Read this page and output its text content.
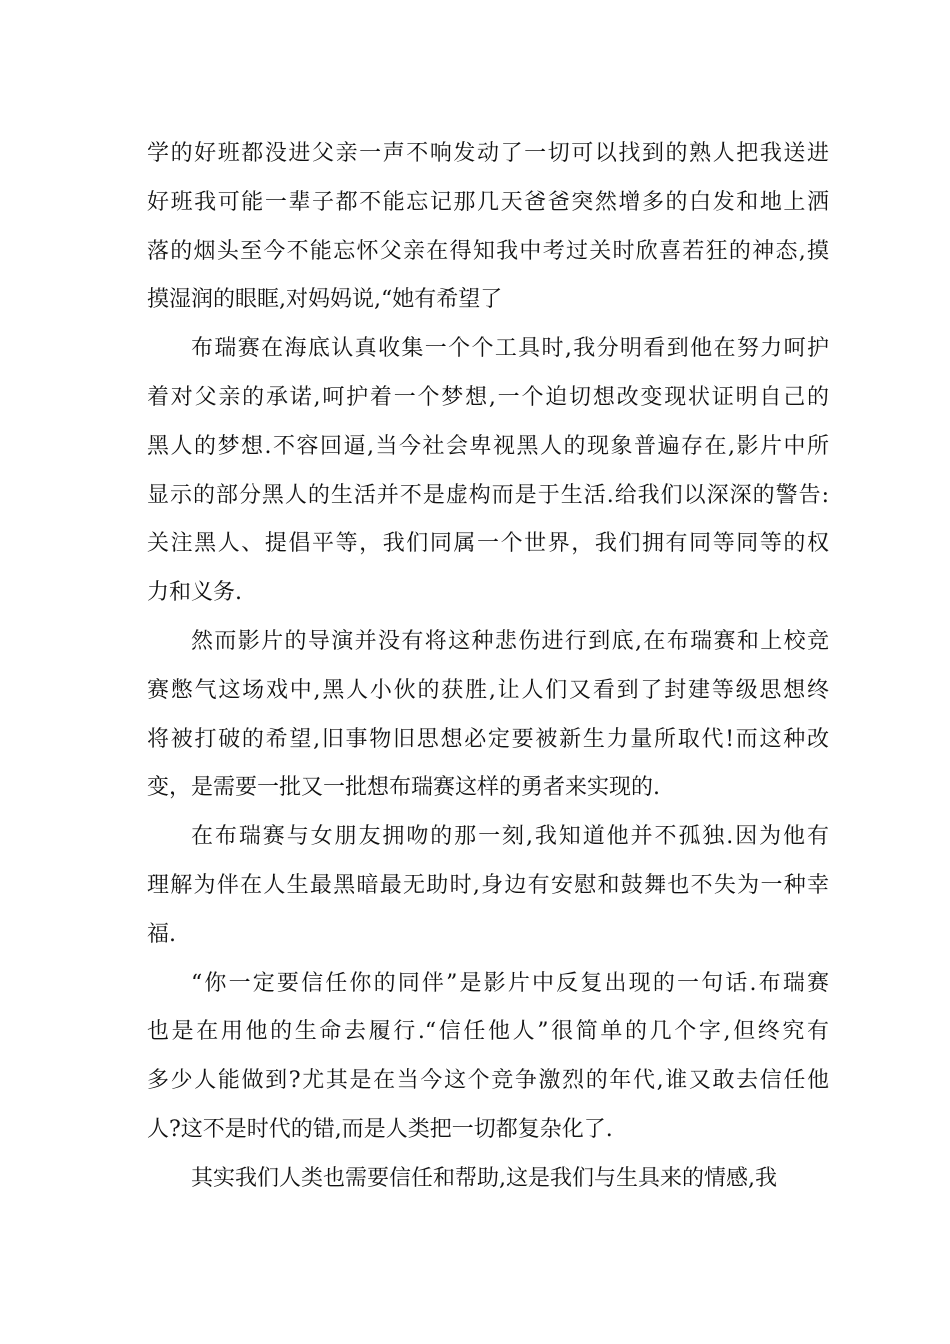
学的好班都没进父亲一声不响发动了一切可以找到的熟人把我送进
好班我可能一辈子都不能忘记那几天爸爸突然增多的白发和地上洒
落的烟头至今不能忘怀父亲在得知我中考过关时欣喜若狂的神态,摸
摸湿润的眼眶,对妈妈说,“她有希望了
布瑞赛在海底认真收集一个个工具时,我分明看到他在努力呵护
着对父亲的承诺,呵护着一个梦想,一个迫切想改变现状证明自己的
黑人的梦想.不容回逼,当今社会卑视黑人的现象普遍存在,影片中所
显示的部分黑人的生活并不是虚构而是于生活.给我们以深深的警告:
关注黑人、提倡平等，我们同属一个世界，我们拥有同等同等的权
力和义务.
然而影片的导演并没有将这种悲伤进行到底,在布瑞赛和上校竞
赛憋气这场戏中,黑人小伙的获胜,让人们又看到了封建等级思想终
将被打破的希望,旧事物旧思想必定要被新生力量所取代!而这种改
变，是需要一批又一批想布瑞赛这样的勇者来实现的.
在布瑞赛与女朋友拥吻的那一刻,我知道他并不孤独.因为他有
理解为伴在人生最黑暗最无助时,身边有安慰和鼓舞也不失为一种幸
福.
“你一定要信任你的同伴”是影片中反复出现的一句话.布瑞赛
也是在用他的生命去履行.“信任他人”很简单的几个字,但终究有
多少人能做到?尤其是在当今这个竞争激烈的年代,谁又敢去信任他
人?这不是时代的错,而是人类把一切都复杂化了.
其实我们人类也需要信任和帮助,这是我们与生具来的情感,我
